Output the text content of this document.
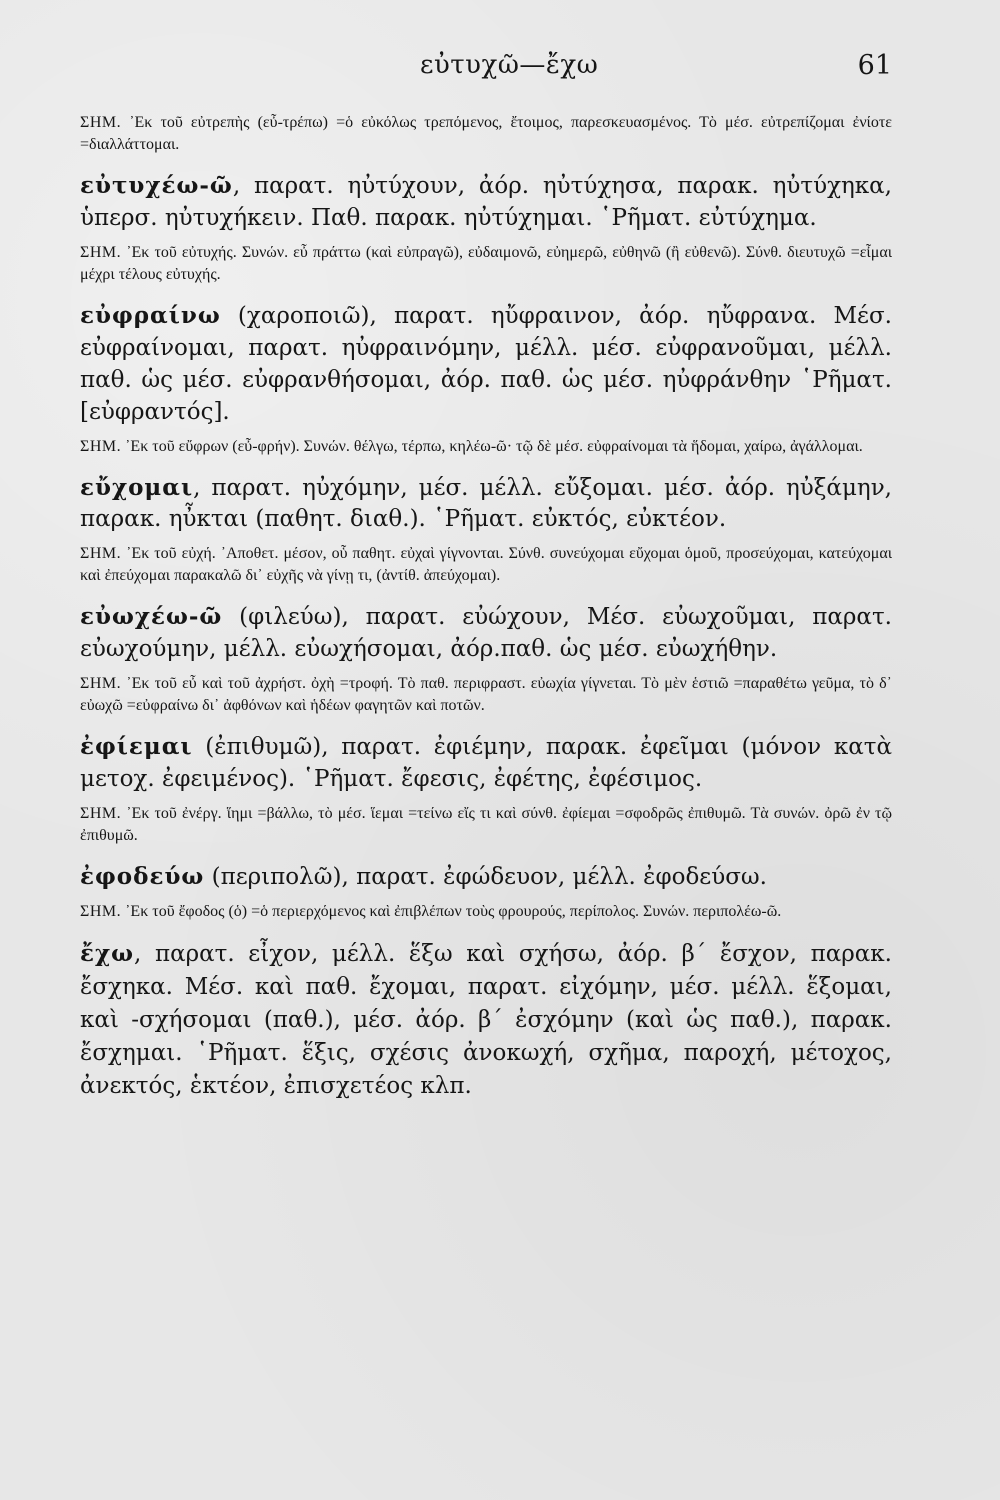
εὐτυχῶ—ἔχω	61

ΣΗΜ. ᾿Εκ τοῦ εὐτρεπὴς (εὖ-τρέπω) =ὁ εὐκόλως τρεπόμενος, ἔτοιμος, παρεσκευασμένος. Τὸ μέσ. εὐτρεπίζομαι ἐνίοτε =διαλλάττομαι.

εὐτυχέω-ῶ, παρατ. ηὐτύχουν, ἀόρ. ηὐτύχησα, παρακ. ηὐτύχηκα, ὑπερσ. ηὐτυχήκειν. Παθ. παρακ. ηὐτύχημαι. ῾Ρῆματ. εὐτύχημα.

ΣΗΜ. ᾿Εκ τοῦ εὐτυχής. Συνών. εὖ πράττω (καὶ εὐπραγῶ), εὐδαιμονῶ, εὐημερῶ, εὐθηνῶ (ἢ εὐθενῶ). Σύνθ. διευτυχῶ =εἶμαι μέχρι τέλους εὐτυχής.

εὐφραίνω (χαροποιῶ), παρατ. ηὔφραινον, ἀόρ. ηὔφρανα. Μέσ. εὐφραίνομαι, παρατ. ηὐφραινόμην, μέλλ. μέσ. εὐφρανοῦμαι, μέλλ. παθ. ὡς μέσ. εὐφρανθήσομαι, ἀόρ. παθ. ὡς μέσ. ηὐφράνθην ῾Ρῆματ. [εὐφραντός].

ΣΗΜ. ᾿Εκ τοῦ εὔφρων (εὖ-φρήν). Συνών. θέλγω, τέρπω, κηλέω-ῶ· τῷ δὲ μέσ. εὐφραίνομαι τὰ ἥδομαι, χαίρω, ἀγάλλομαι.

εὔχομαι, παρατ. ηὐχόμην, μέσ. μέλλ. εὔξομαι. μέσ. ἀόρ. ηὐξάμην, παρακ. ηὖκται (παθητ. διαθ.). ῾Ρῆματ. εὐκτός, εὐκτέον.

ΣΗΜ. ᾿Εκ τοῦ εὐχή. ᾿Αποθετ. μέσον, οὗ παθητ. εὐχαὶ γίγνονται. Σύνθ. συνεύχομαι εὔχομαι ὁμοῦ, προσεύχομαι, κατεύχομαι καὶ ἐπεύχομαι παρακαλῶ δι᾿ εὐχῆς νὰ γίνῃ τι, (ἀντίθ. ἀπεύχομαι).

εὐωχέω-ῶ (φιλεύω), παρατ. εὐώχουν, Μέσ. εὐωχοῦμαι, παρατ. εὐωχούμην, μέλλ. εὐωχήσομαι, ἀόρ.παθ. ὡς μέσ. εὐωχήθην.

ΣΗΜ. ᾿Εκ τοῦ εὖ καὶ τοῦ ἀχρήστ. ὀχὴ =τροφή. Τὸ παθ. περιφραστ. εὐωχία γίγνεται. Τὸ μὲν ἑστιῶ =παραθέτω γεῦμα, τὸ δ᾿ εὐωχῶ =εὐφραίνω δι᾿ ἀφθόνων καὶ ἡδέων φαγητῶν καὶ ποτῶν.

ἐφίεμαι (ἐπιθυμῶ), παρατ. ἐφιέμην, παρακ. ἐφεῖμαι (μόνον κατὰ μετοχ. ἐφειμένος). ῾Ρῆματ. ἔφεσις, ἐφέτης, ἐφέσιμος.

ΣΗΜ. ᾿Εκ τοῦ ἐνέργ. ἵημι =βάλλω, τὸ μέσ. ἵεμαι =τείνω εἴς τι καὶ σύνθ. ἐφίεμαι =σφοδρῶς ἐπιθυμῶ. Τὰ συνών. ὀρῶ ἐν τῷ ἐπιθυμῶ.

ἐφοδεύω (περιπολῶ), παρατ. ἐφώδευον, μέλλ. ἐφοδεύσω.

ΣΗΜ. ᾿Εκ τοῦ ἔφοδος (ὁ) =ὁ περιερχόμενος καὶ ἐπιβλέπων τοὺς φρουρούς, περίπολος. Συνών. περιπολέω-ῶ.

ἔχω, παρατ. εἶχον, μέλλ. ἕξω καὶ σχήσω, ἀόρ. β´ ἔσχον, παρακ. ἔσχηκα. Μέσ. καὶ παθ. ἔχομαι, παρατ. εἰχόμην, μέσ. μέλλ. ἕξομαι, καὶ -σχήσομαι (παθ.), μέσ. ἀόρ. β´ ἐσχόμην (καὶ ὡς παθ.), παρακ. ἔσχημαι. ῾Ρῆματ. ἕξις, σχέσις ἀνοκωχή, σχῆμα, παροχή, μέτοχος, ἀνεκτός, ἑκτέον, ἐπισχετέος κλπ.
